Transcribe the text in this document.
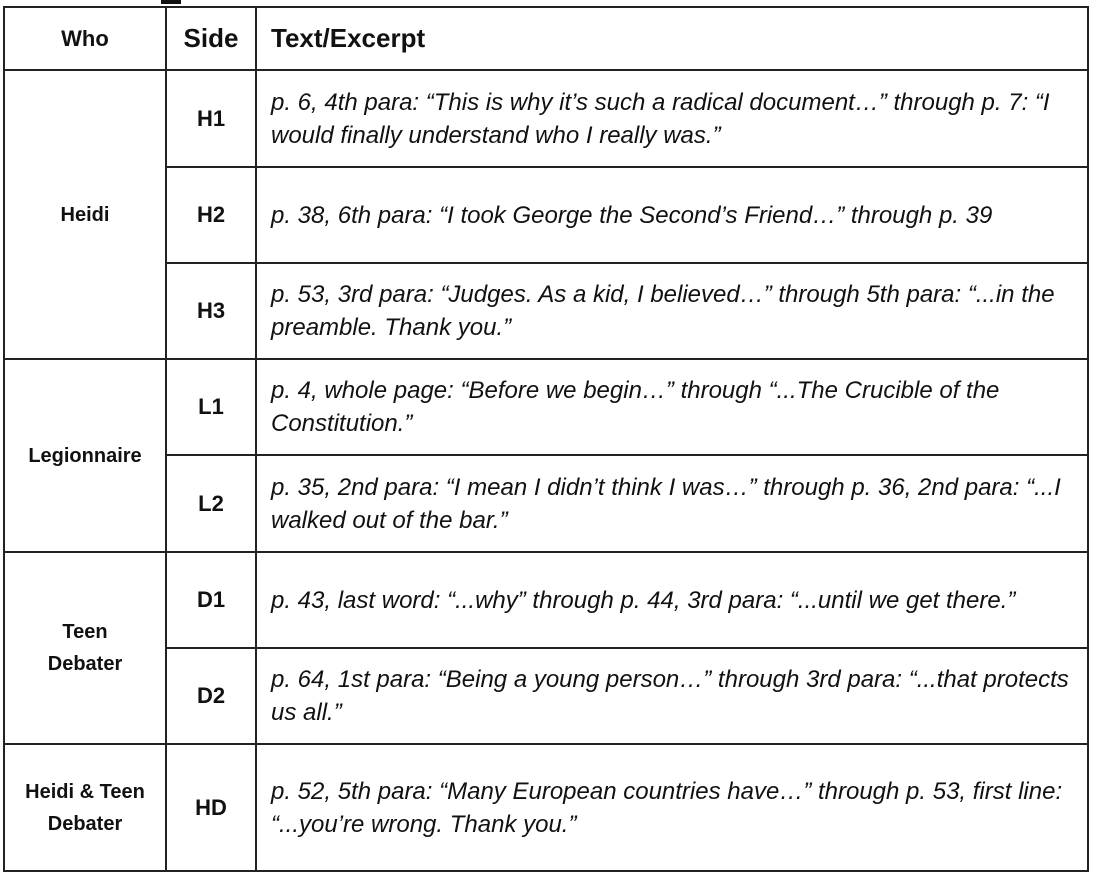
Who	Side	Text/Excerpt
Heidi	H1	p. 6, 4th para: “This is why it’s such a radical document…” through p. 7: “I would finally understand who I really was.”
	H2	p. 38, 6th para: “I took George the Second’s Friend…” through p. 39
	H3	p. 53, 3rd para: “Judges. As a kid, I believed…” through 5th para: “...in the preamble. Thank you.”
Legionnaire	L1	p. 4, whole page: “Before we begin…” through “...The Crucible of the Constitution.”
	L2	p. 35, 2nd para: “I mean I didn’t think I was…” through p. 36, 2nd para: “...I walked out of the bar.”
Teen Debater	D1	p. 43, last word: “...why” through p. 44, 3rd para: “...until we get there.”
	D2	p. 64, 1st para: “Being a young person…” through 3rd para: “...that protects us all.”
Heidi & Teen Debater	HD	p. 52, 5th para: “Many European countries have…” through p. 53, first line: “...you’re wrong. Thank you.”
